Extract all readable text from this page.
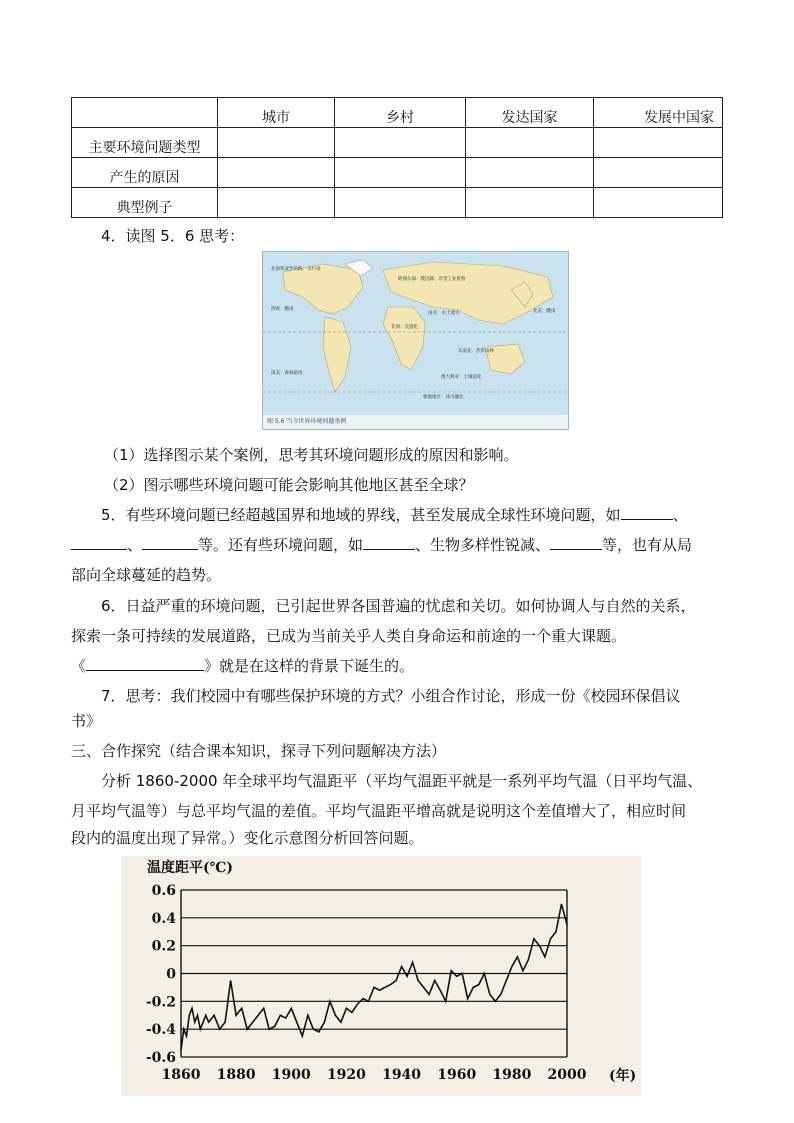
	城市	乡村	发达国家	发展中国家
主要环境问题类型				
产生的原因				
典型例子				
4．读图 5．6 思考：
北海和波罗的海：水污染
欧洲东部：酸沉降、有害工业废物
西欧：酸雨
非洲：荒漠化
南美：森林砍伐
南亚：水土流失
东南亚：热带雨林
澳大利亚：土壤退化
极地地区：冰川融化
北美：酸雨
图 5.6 当今世界环境问题举例
（1）选择图示某个案例，思考其环境问题形成的原因和影响。
（2）图示哪些环境问题可能会影响其他地区甚至全球？
5．有些环境问题已经超越国界和地域的界线，甚至发展成全球性环境问题，如	、
、	等。还有些环境问题，如	、生物多样性锐减、	等，也有从局
部向全球蔓延的趋势。
6．日益严重的环境问题，已引起世界各国普遍的忧虑和关切。如何协调人与自然的关系，
探索一条可持续的发展道路，已成为当前关乎人类自身命运和前途的一个重大课题。
《	》就是在这样的背景下诞生的。
7．思考：我们校园中有哪些保护环境的方式？小组合作讨论，形成一份《校园环保倡议
书》
三、合作探究（结合课本知识，探寻下列问题解决方法）
分析 1860-2000 年全球平均气温距平（平均气温距平就是一系列平均气温（日平均气温、
月平均气温等）与总平均气温的差值。平均气温距平增高就是说明这个差值增大了，相应时间
段内的温度出现了异常。）变化示意图分析回答问题。
温度距平(℃)
0.6
0.4
0.2
0
-0.2
-0.4
-0.6
1860 1880 1900 1920 1940 1960 1980 2000 (年)
